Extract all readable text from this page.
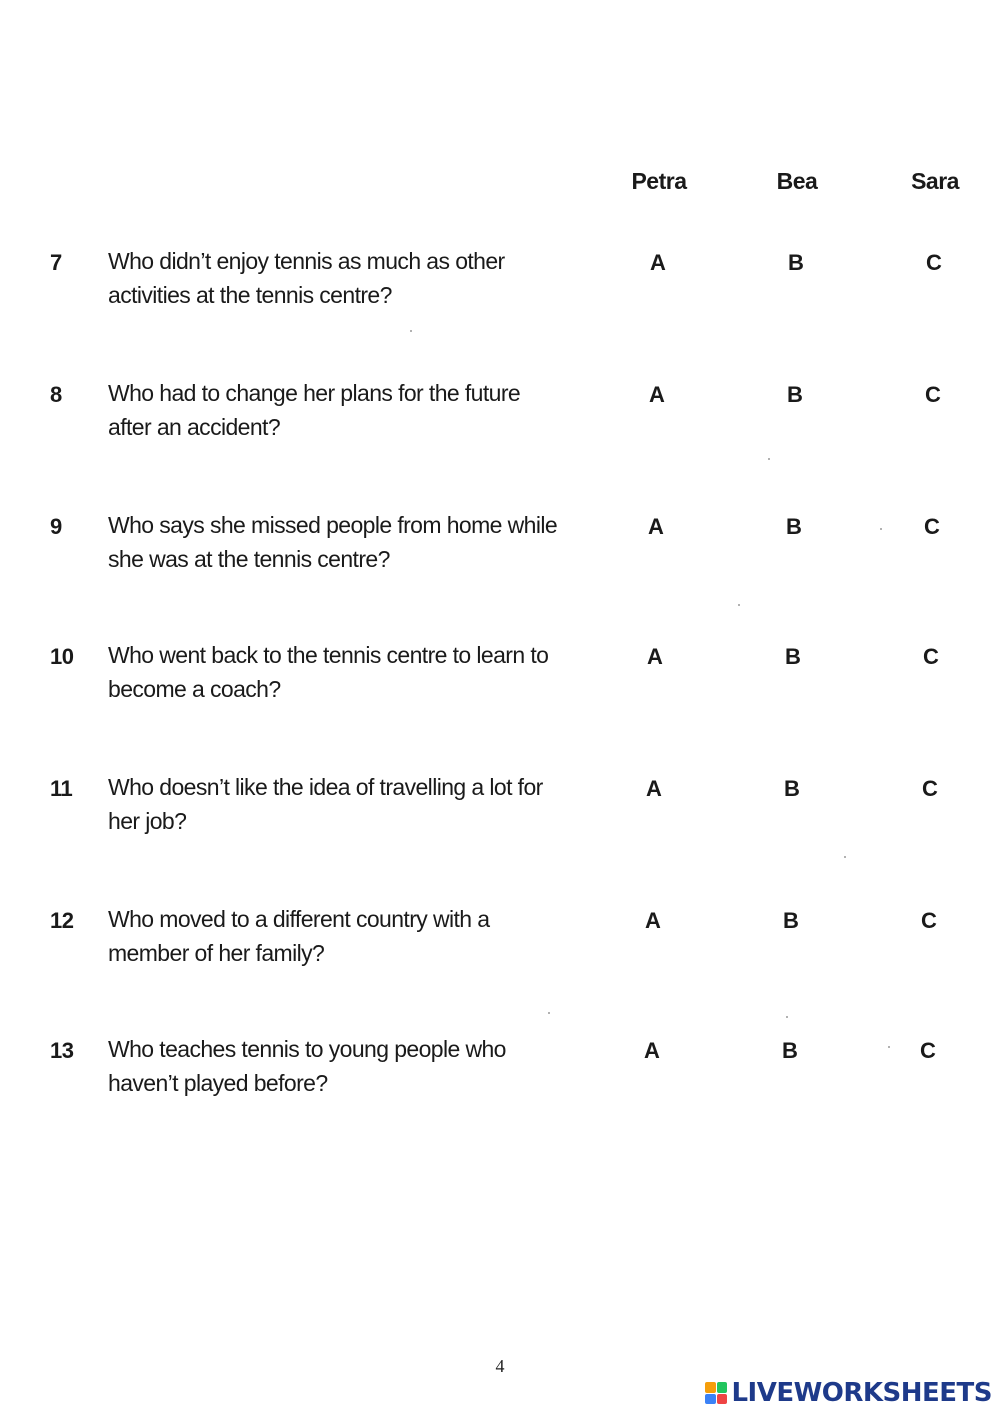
Petra	Bea	Sara
7 Who didn’t enjoy tennis as much as other
activities at the tennis centre?
A	B	C
8 Who had to change her plans for the future
after an accident?
A	B	C
9 Who says she missed people from home while
she was at the tennis centre?
A	B	C
10 Who went back to the tennis centre to learn to
become a coach?
A	B	C
11 Who doesn’t like the idea of travelling a lot for
her job?
A	B	C
12 Who moved to a different country with a
member of her family?
A	B	C
13 Who teaches tennis to young people who
haven’t played before?
A	B	C
4
LIVEWORKSHEETS
